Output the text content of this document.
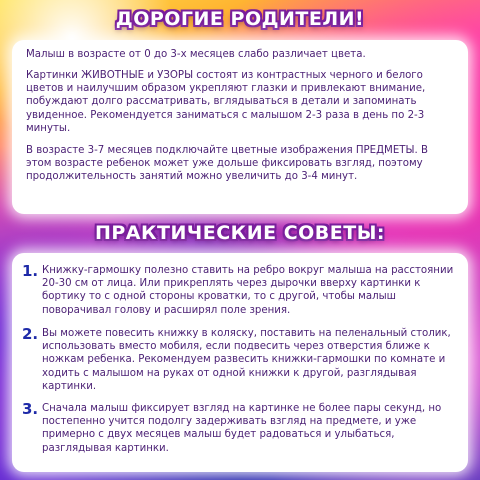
ДОРОГИЕ РОДИТЕЛИ!
Малыш в возрасте от 0 до 3-х месяцев слабо различает цвета.
Картинки ЖИВОТНЫЕ и УЗОРЫ состоят из контрастных черного и белого цветов и наилучшим образом укрепляют глазки и привлекают внимание, побуждают долго рассматривать, вглядываться в детали и запоминать увиденное. Рекомендуется заниматься с малышом 2-3 раза в день по 2-3 минуты.
В возрасте 3-7 месяцев подключайте цветные изображения ПРЕДМЕТЫ. В этом возрасте ребенок может уже дольше фиксировать взгляд, поэтому продолжительность занятий можно увеличить до 3-4 минут.
ПРАКТИЧЕСКИЕ СОВЕТЫ:
1. Книжку-гармошку полезно ставить на ребро вокруг малыша на расстоянии 20-30 см от лица. Или прикреплять через дырочки вверху картинки к бортику то с одной стороны кроватки, то с другой, чтобы малыш поворачивал голову и расширял поле зрения.
2. Вы можете повесить книжку в коляску, поставить на пеленальный столик, использовать вместо мобиля, если подвесить через отверстия ближе к ножкам ребенка. Рекомендуем развесить книжки-гармошки по комнате и ходить с малышом на руках от одной книжки к другой, разглядывая картинки.
3. Сначала малыш фиксирует взгляд на картинке не более пары секунд, но постепенно учится подолгу задерживать взгляд на предмете, и уже примерно с двух месяцев малыш будет радоваться и улыбаться, разглядывая картинки.
